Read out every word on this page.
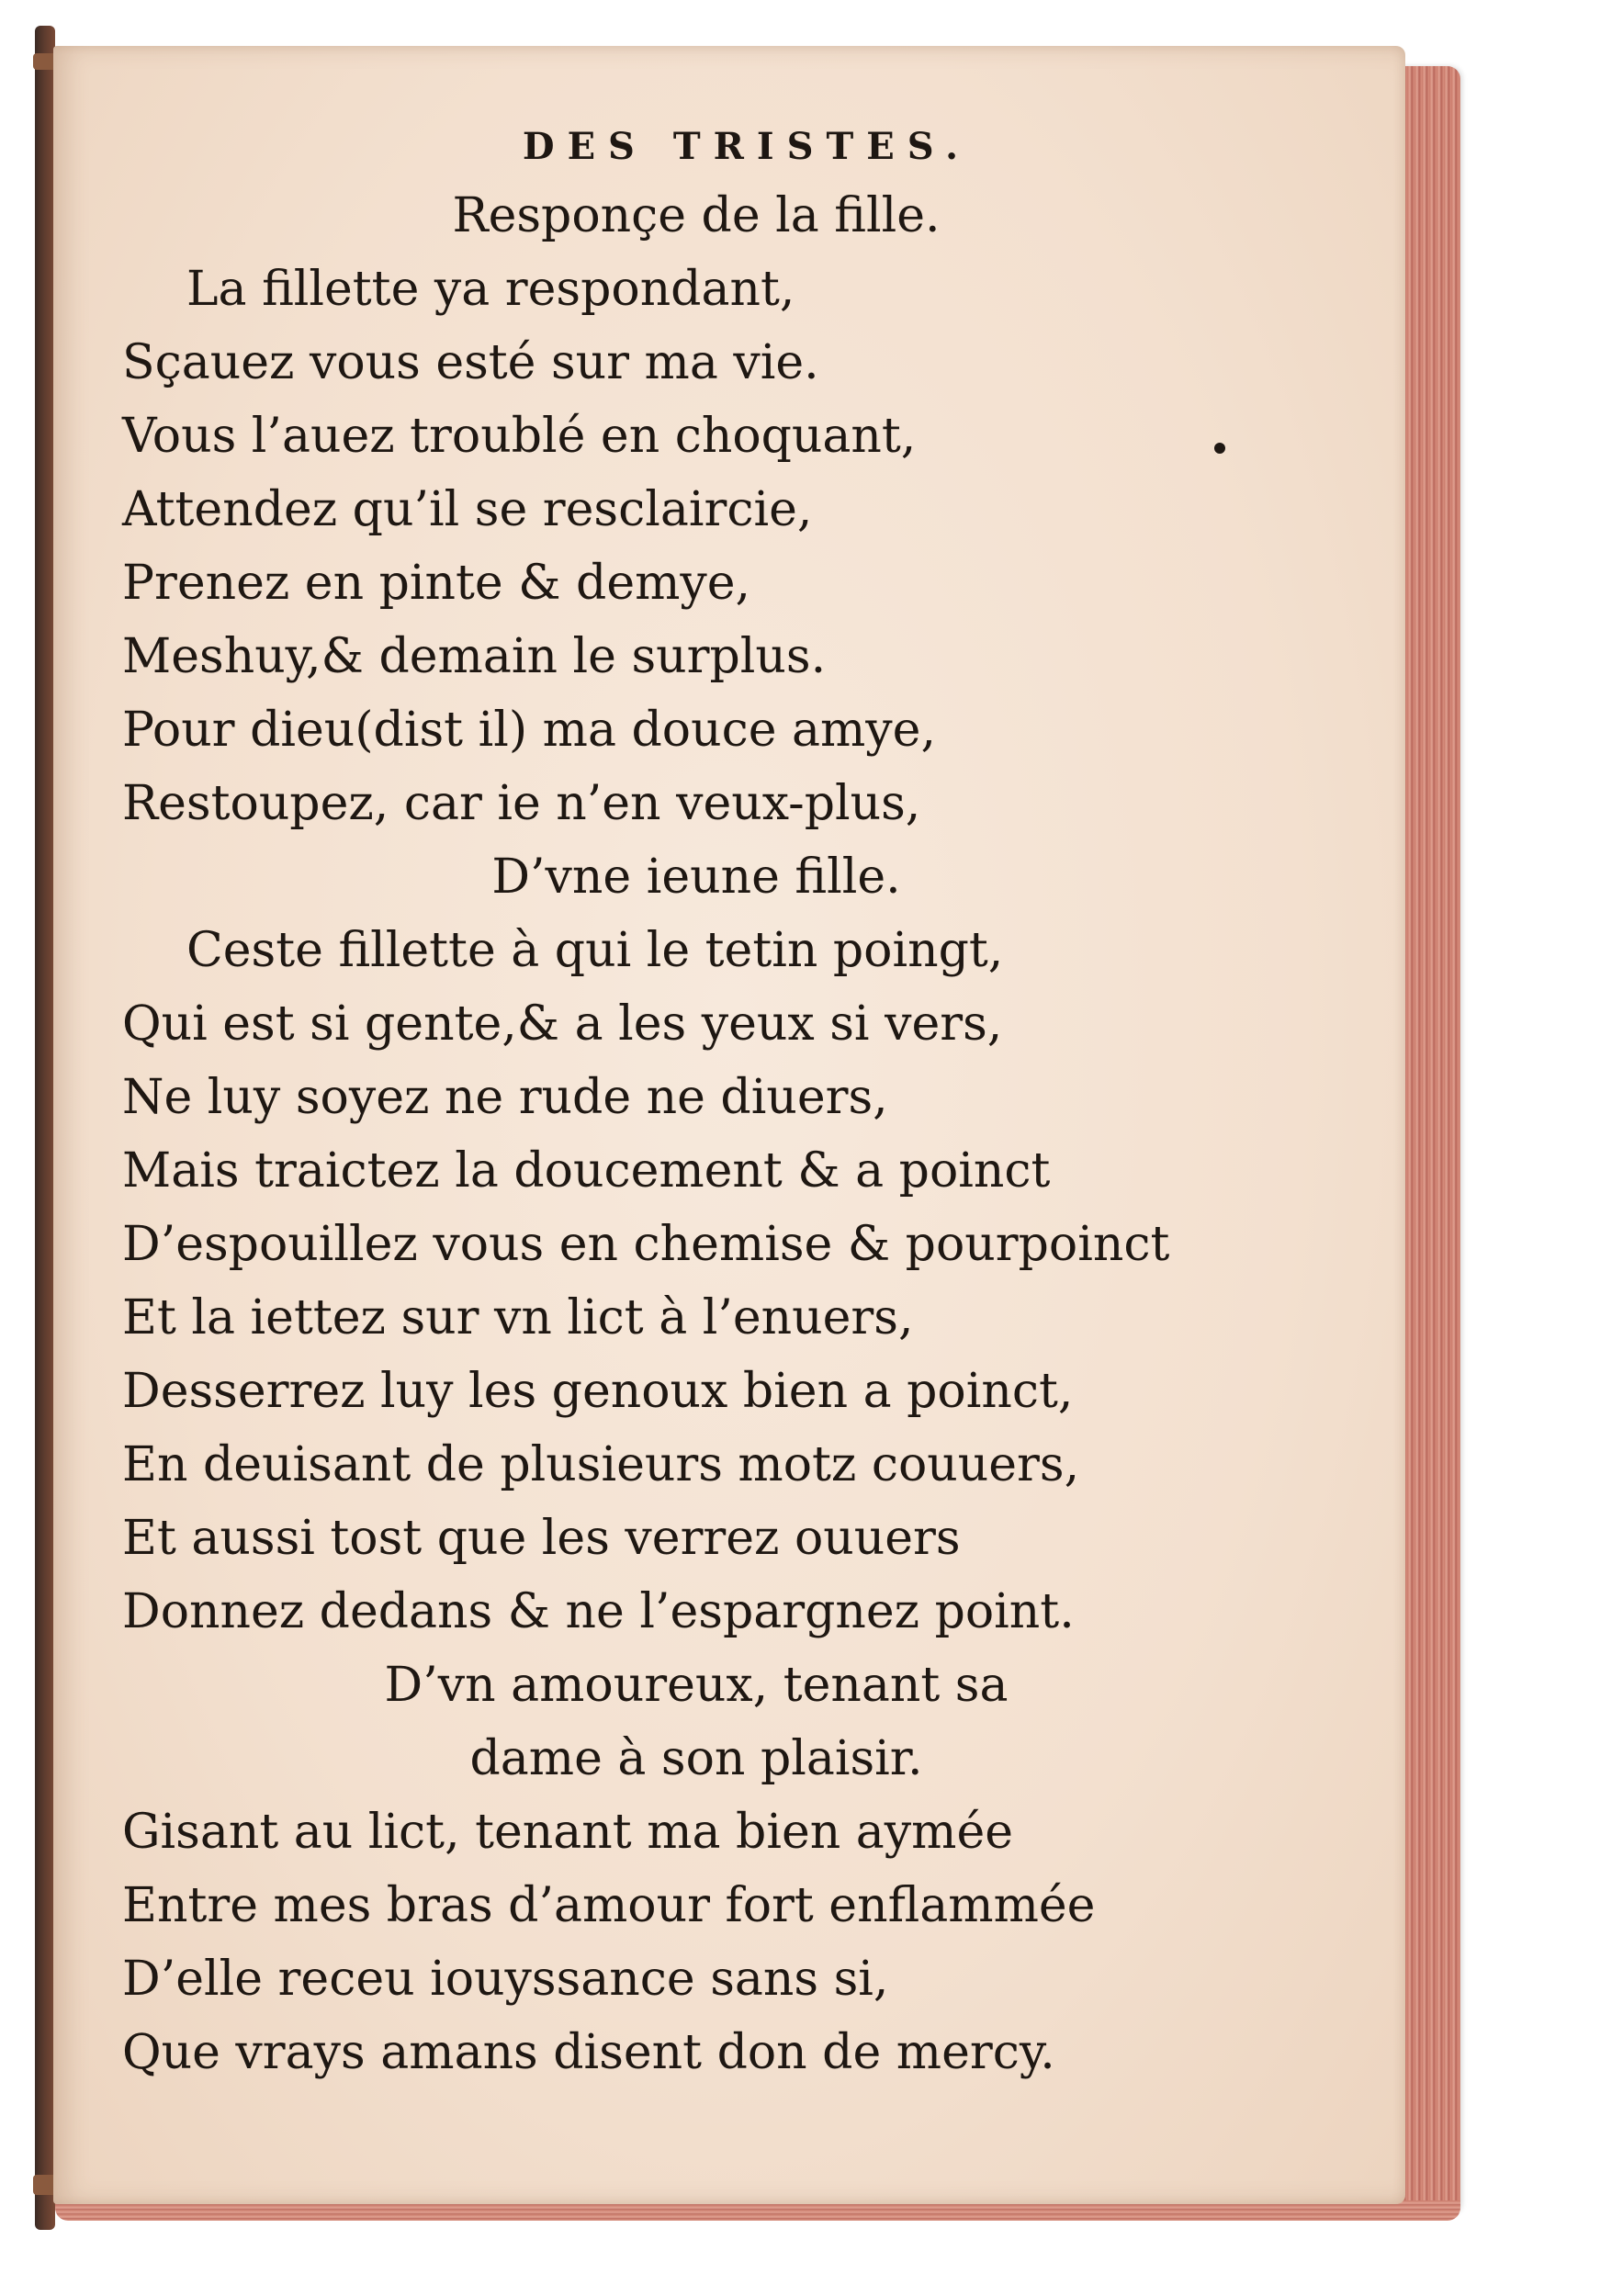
DES TRISTES.
Responçe de la fille.
La fillette ya respondant,
Sçauez vous esté sur ma vie.
Vous l’auez troublé en choquant,
Attendez qu’il se resclaircie,
Prenez en pinte & demye,
Meshuy,& demain le surplus.
Pour dieu(dist il) ma douce amye,
Restoupez, car ie n’en veux-plus,
D’vne ieune fille.
Ceste fillette à qui le tetin poingt,
Qui est si gente,& a les yeux si vers,
Ne luy soyez ne rude ne diuers,
Mais traictez la doucement & a poinct
D’espouillez vous en chemise & pourpoinct
Et la iettez sur vn lict à l’enuers,
Desserrez luy les genoux bien a poinct,
En deuisant de plusieurs motz couuers,
Et aussi tost que les verrez ouuers
Donnez dedans & ne l’espargnez point.
D’vn amoureux, tenant sa
dame à son plaisir.
Gisant au lict, tenant ma bien aymée
Entre mes bras d’amour fort enflammée
D’elle receu iouyssance sans si,
Que vrays amans disent don de mercy.
